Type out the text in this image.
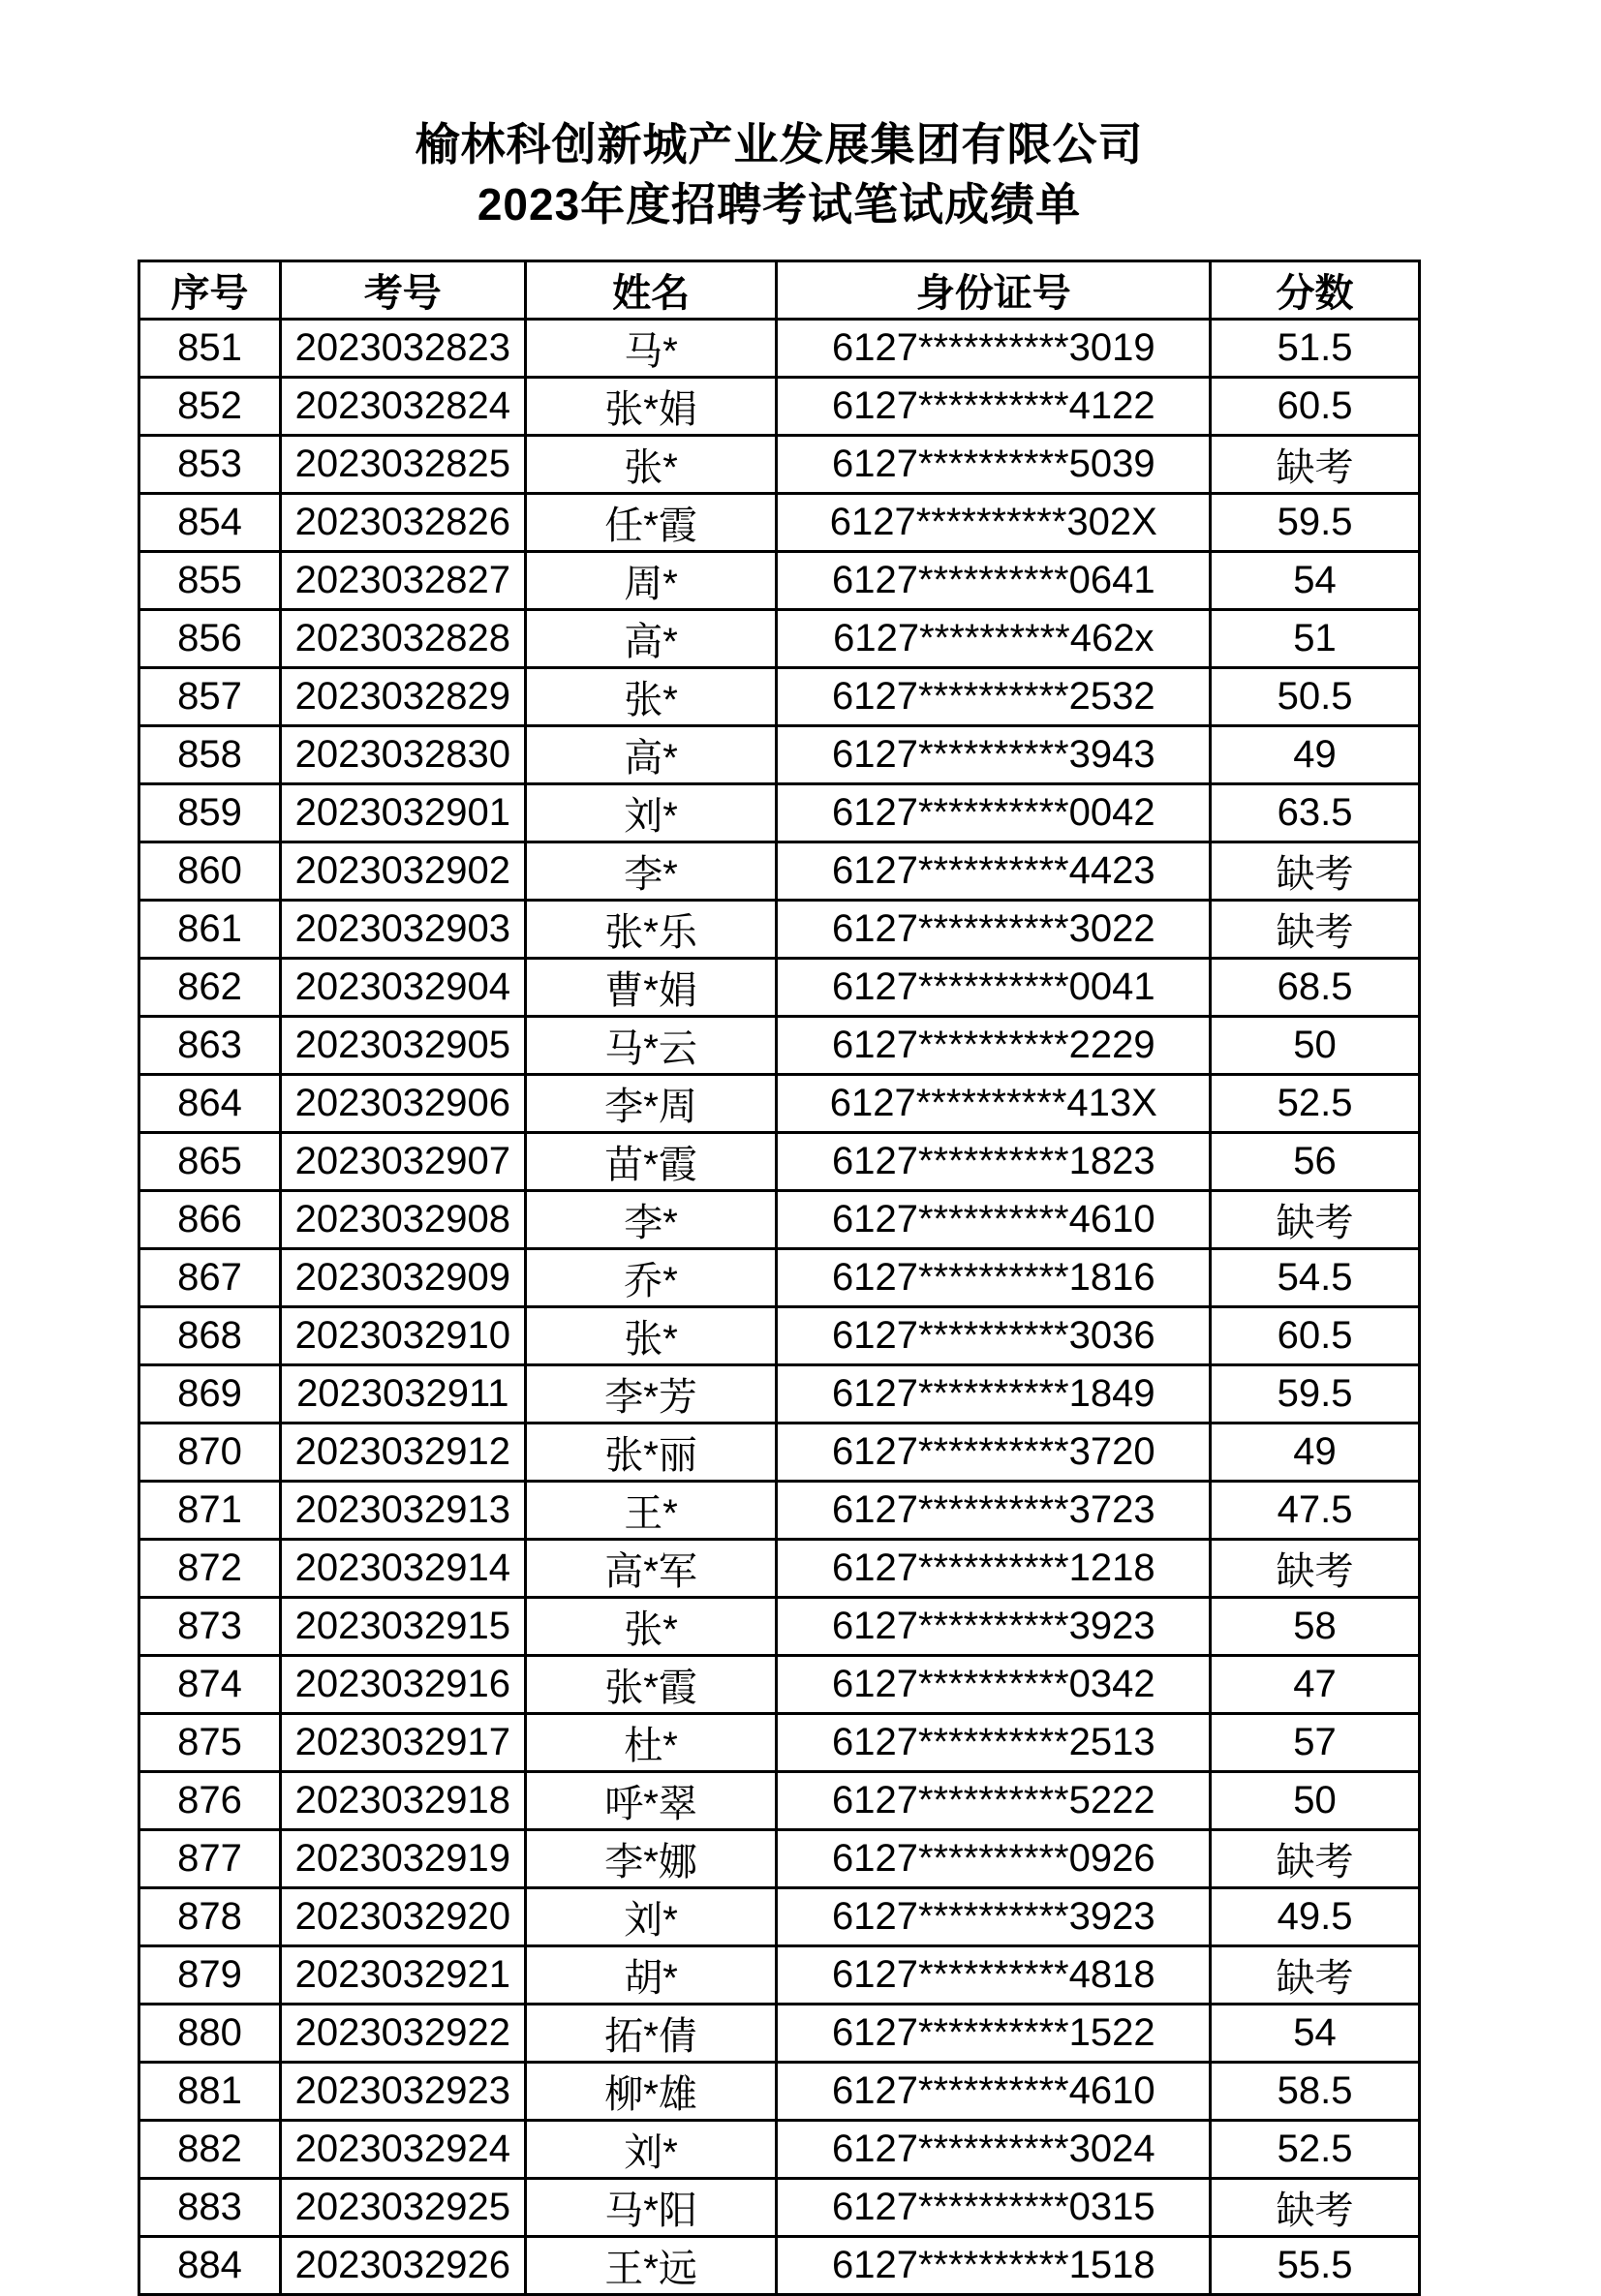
榆林科创新城产业发展集团有限公司
2023年度招聘考试笔试成绩单
序号	考号	姓名	身份证号	分数
851	2023032823	马*	6127**********3019	51.5
852	2023032824	张*娟	6127**********4122	60.5
853	2023032825	张*	6127**********5039	缺考
854	2023032826	任*霞	6127**********302X	59.5
855	2023032827	周*	6127**********0641	54
856	2023032828	高*	6127**********462x	51
857	2023032829	张*	6127**********2532	50.5
858	2023032830	高*	6127**********3943	49
859	2023032901	刘*	6127**********0042	63.5
860	2023032902	李*	6127**********4423	缺考
861	2023032903	张*乐	6127**********3022	缺考
862	2023032904	曹*娟	6127**********0041	68.5
863	2023032905	马*云	6127**********2229	50
864	2023032906	李*周	6127**********413X	52.5
865	2023032907	苗*霞	6127**********1823	56
866	2023032908	李*	6127**********4610	缺考
867	2023032909	乔*	6127**********1816	54.5
868	2023032910	张*	6127**********3036	60.5
869	2023032911	李*芳	6127**********1849	59.5
870	2023032912	张*丽	6127**********3720	49
871	2023032913	王*	6127**********3723	47.5
872	2023032914	高*军	6127**********1218	缺考
873	2023032915	张*	6127**********3923	58
874	2023032916	张*霞	6127**********0342	47
875	2023032917	杜*	6127**********2513	57
876	2023032918	呼*翠	6127**********5222	50
877	2023032919	李*娜	6127**********0926	缺考
878	2023032920	刘*	6127**********3923	49.5
879	2023032921	胡*	6127**********4818	缺考
880	2023032922	拓*倩	6127**********1522	54
881	2023032923	柳*雄	6127**********4610	58.5
882	2023032924	刘*	6127**********3024	52.5
883	2023032925	马*阳	6127**********0315	缺考
884	2023032926	王*远	6127**********1518	55.5
